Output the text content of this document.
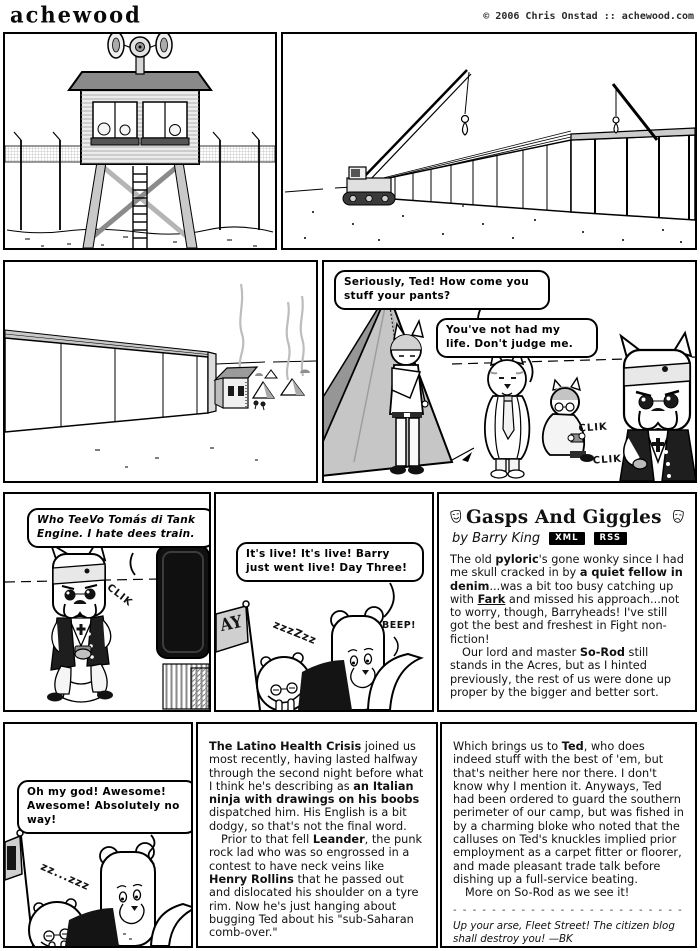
achewood	© 2006 Chris Onstad :: achewood.com
Seriously, Ted! How come you stuff your pants?
You've not had my life. Don't judge me.

CLIK

CLIK

Who TeeVo Tomás di Tank Engine. I hate dees train.
CLIK
AY
It's live! It's live! Barry just went live! Day Three!
zzzZzz	BEEP!
Gasps And Giggles
by Barry King	XML	RSS

The old pyloric's gone wonky since I had me skull cracked in by a quiet fellow in denim...was a bit too busy catching up with Fark and missed his approach...not to worry, though, Barryheads! I've still got the best and freshest in Fight non-fiction!

Our lord and master So-Rod still stands in the Acres, but as I hinted previously, the rest of us were done up proper by the bigger and better sort.

Oh my god! Awesome! Awesome! Absolutely no way!
zz...zzz

The Latino Health Crisis joined us most recently, having lasted halfway through the second night before what I think he's describing as an Italian ninja with drawings on his boobs dispatched him. His English is a bit dodgy, so that's not the final word.

Prior to that fell Leander, the punk rock lad who was so engrossed in a contest to have neck veins like Henry Rollins that he passed out and dislocated his shoulder on a tyre rim. Now he's just hanging about bugging Ted about his "sub-Saharan comb-over."

Which brings us to Ted, who does indeed stuff with the best of 'em, but that's neither here nor there. I don't know why I mention it. Anyways, Ted had been ordered to guard the southern perimeter of our camp, but was fished in by a charming bloke who noted that the calluses on Ted's knuckles implied prior employment as a carpet fitter or floorer, and made pleasant trade talk before dishing up a full-service beating.

More on So-Rod as we see it!

- - - - - - - - - - - - - - - - - - - - - - - -
Up your arse, Fleet Street! The citizen blog shall destroy you! —BK
